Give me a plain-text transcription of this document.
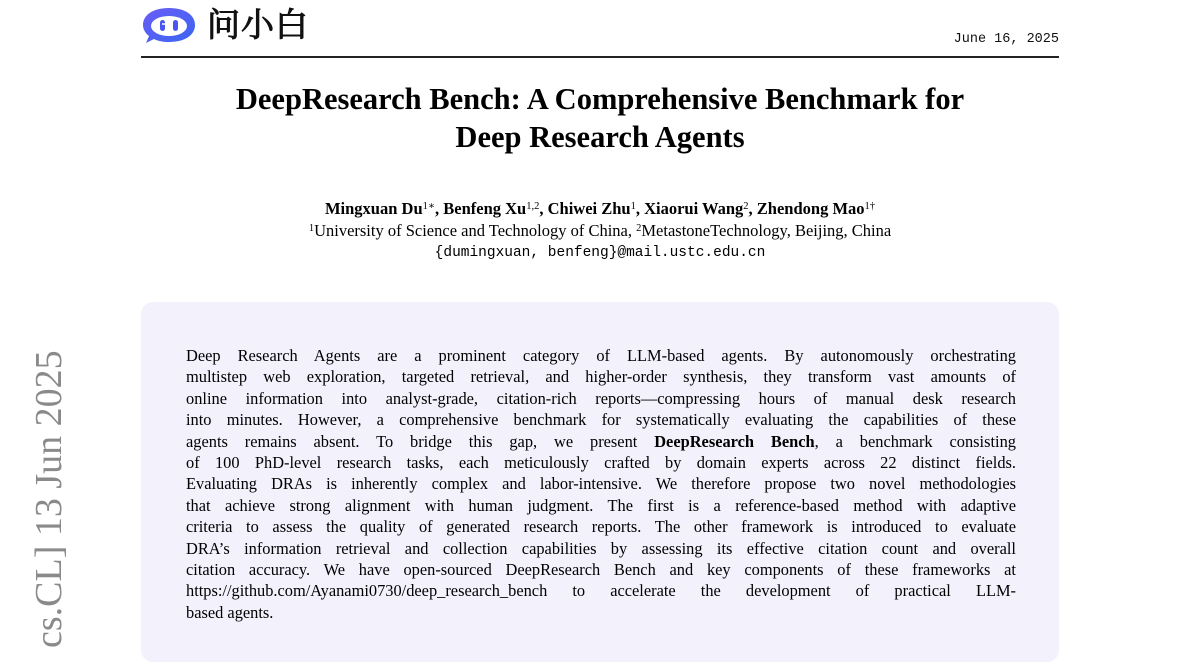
问小白	June 16, 2025
DeepResearch Bench: A Comprehensive Benchmark for
Deep Research Agents
Mingxuan $Du^{1∗}$, Benfeng Xu$^{1,2}$, Chiwei Zhu$^1$, Xiaorui Wang$^2$, Zhendong Mao$^{1\dagger}$
$^1$University of Science and Technology of China, $^2$MetastoneTechnology, Beijing, China
{dumingxuan, benfeng}@mail.ustc.edu.cn
Deep Research Agents are a prominent category of LLM-based agents. By autonomously orchestrating
multistep web exploration, targeted retrieval, and higher-order synthesis, they transform vast amounts of
online information into analyst-grade, citation-rich reports—compressing hours of manual desk research
into minutes. However, a comprehensive benchmark for systematically evaluating the capabilities of these
agents remains absent. To bridge this gap, we present DeepResearch Bench, a benchmark consisting
of 100 PhD-level research tasks, each meticulously crafted by domain experts across 22 distinct fields.
Evaluating DRAs is inherently complex and labor-intensive. We therefore propose two novel methodologies
that achieve strong alignment with human judgment. The first is a reference-based method with adaptive
criteria to assess the quality of generated research reports. The other framework is introduced to evaluate
DRA’s information retrieval and collection capabilities by assessing its effective citation count and overall
citation accuracy. We have open-sourced DeepResearch Bench and key components of these frameworks at
https://github.com/Ayanami0730/deep_research_bench to accelerate the development of practical LLM-
based agents.
cs.CL] 13 Jun 2025
